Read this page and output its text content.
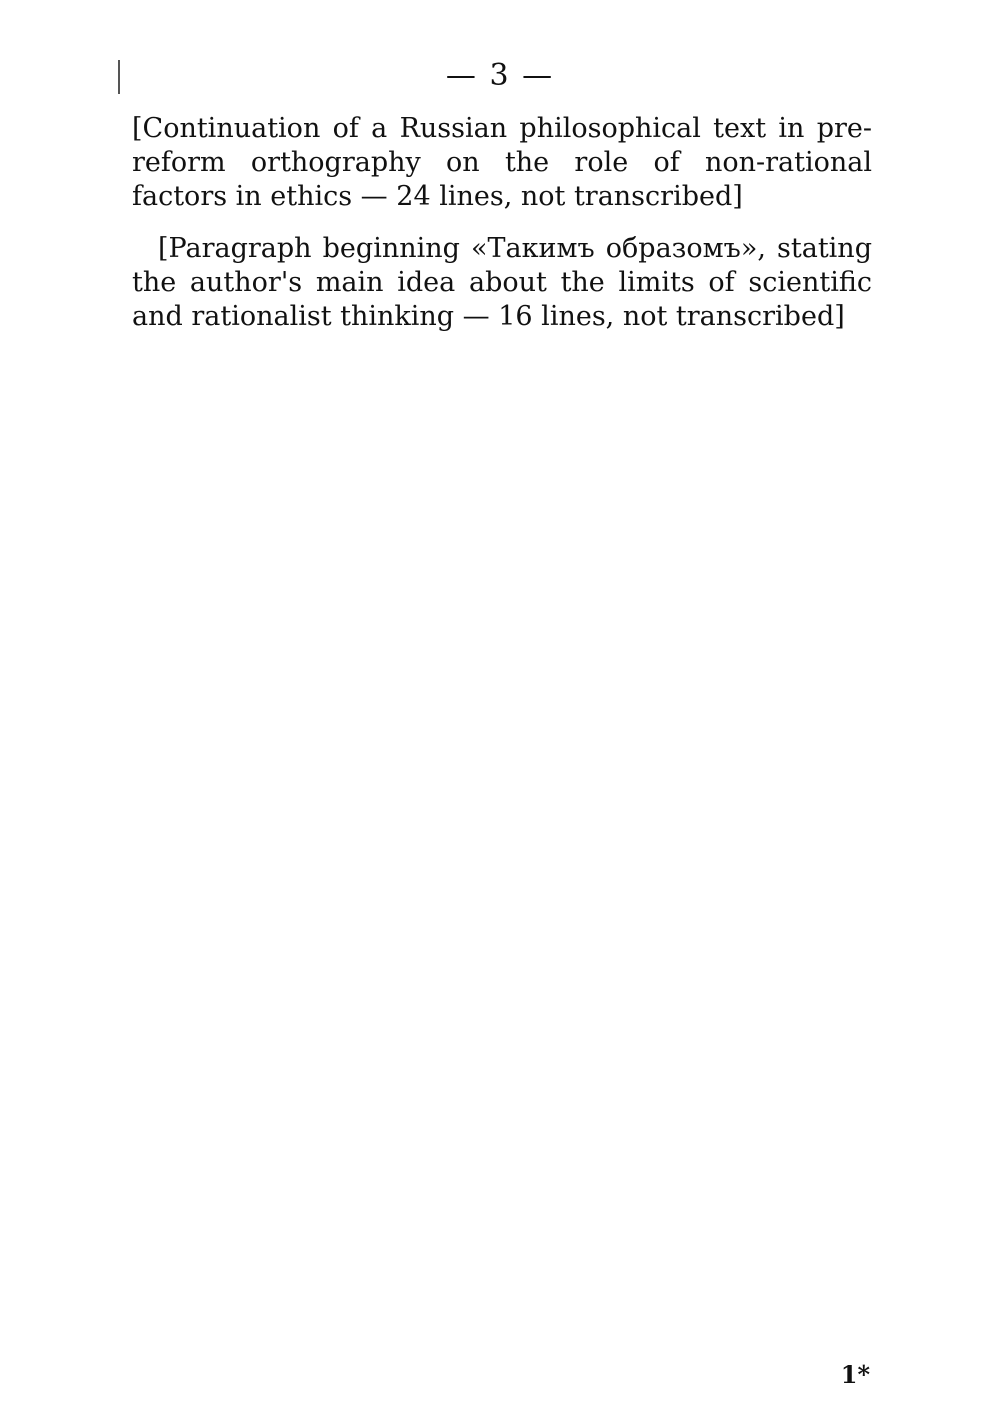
— 3 —

[Continuation of a Russian philosophical text in pre-reform orthography on the role of non-rational factors in ethics — 24 lines, not transcribed]

[Paragraph beginning «Такимъ образомъ», stating the author's main idea about the limits of scientific and rationalist thinking — 16 lines, not transcribed]

1*
